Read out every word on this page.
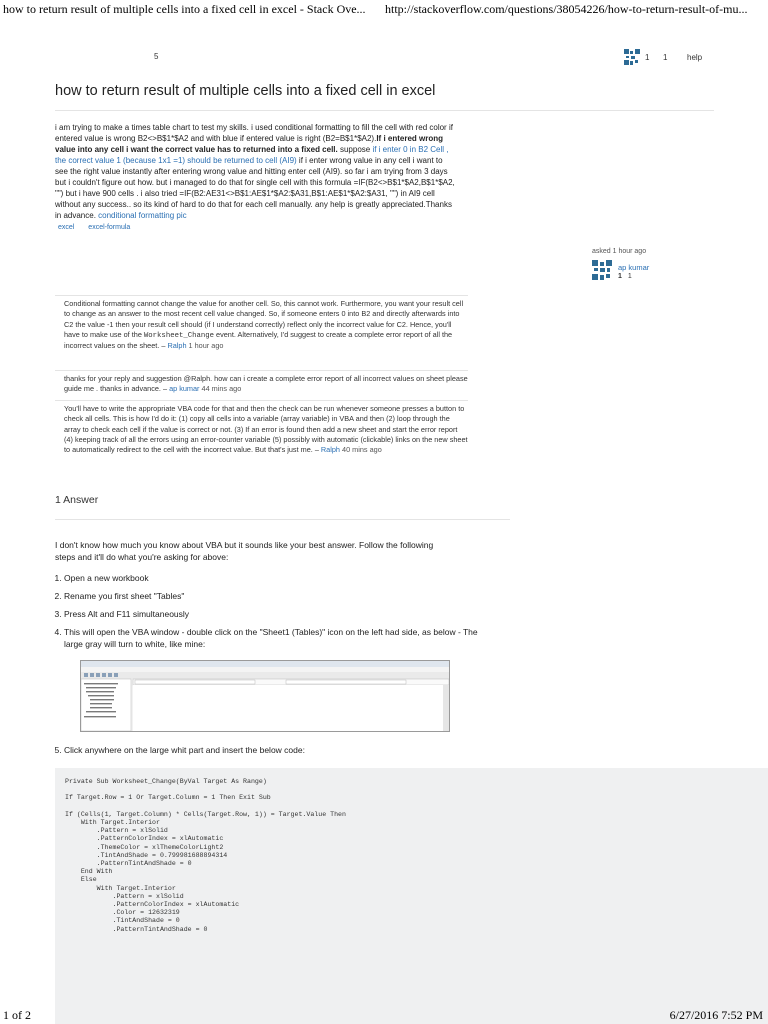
how to return result of multiple cells into a fixed cell in excel - Stack Ove... http://stackoverflow.com/questions/38054226/how-to-return-result-of-mu...
5	1 1 help
how to return result of multiple cells into a fixed cell in excel
i am trying to make a times table chart to test my skills. i used conditional formatting to fill the cell with red color if entered value is wrong B2<>B$1*$A2 and with blue if entered value is right (B2=B$1*$A2).If i entered wrong value into any cell i want the correct value has to returned into a fixed cell. suppose if i enter 0 in B2 Cell , the correct value 1 (because 1x1 =1) should be returned to cell (AI9) if i enter wrong value in any cell i want to see the right value instantly after entering wrong value and hitting enter cell (AI9). so far i am trying from 3 days but i couldn't figure out how. but i managed to do that for single cell with this formula =IF(B2<>B$1*$A2,B$1*$A2, "") but i have 900 cells . i also tried =IF(B2:AE31<>B$1:AE$1*$A2:$A31,B$1:AE$1*$A2:$A31, "") in AI9 cell without any success.. so its kind of hard to do that for each cell manually. any help is greatly appreciated.Thanks in advance. conditional formatting pic
excel excel-formula
asked 1 hour ago
ap kumar
1 1
Conditional formatting cannot change the value for another cell. So, this cannot work. Furthermore, you want your result cell to change as an answer to the most recent cell value changed. So, if someone enters 0 into B2 and directly afterwards into C2 the value -1 then your result cell should (if I understand correctly) reflect only the incorrect value for C2. Hence, you'll have to make use of the Worksheet_Change event. Alternatively, I'd suggest to create a complete error report of all the incorrect values on the sheet. – Ralph 1 hour ago
thanks for your reply and suggestion @Ralph. how can i create a complete error report of all incorrect values on sheet please guide me . thanks in advance. – ap kumar 44 mins ago
You'll have to write the appropriate VBA code for that and then the check can be run whenever someone presses a button to check all cells. This is how I'd do it: (1) copy all cells into a variable (array variable) in VBA and then (2) loop through the array to check each cell if the value is correct or not. (3) If an error is found then add a new sheet and start the error report (4) keeping track of all the errors using an error-counter variable (5) possibly with automatic (clickable) links on the new sheet to automatically redirect to the cell with the incorrect value. But that's just me. – Ralph 40 mins ago
1 Answer
I don't know how much you know about VBA but it sounds like your best answer. Follow the following steps and it'll do what you're asking for above:
1. Open a new workbook
2. Rename you first sheet "Tables"
3. Press Alt and F11 simultaneously
4. This will open the VBA window - double click on the "Sheet1 (Tables)" icon on the left had side, as below - The large gray will turn to white, like mine:
5. Click anywhere on the large whit part and insert the below code:
Private Sub Worksheet_Change(ByVal Target As Range)

If Target.Row = 1 Or Target.Column = 1 Then Exit Sub

If (Cells(1, Target.Column) * Cells(Target.Row, 1)) = Target.Value Then
With Target.Interior
.Pattern = xlSolid
.PatternColorIndex = xlAutomatic
.ThemeColor = xlThemeColorLight2
.TintAndShade = 0.799981688894314
.PatternTintAndShade = 0
End With
Else
With Target.Interior
.Pattern = xlSolid
.PatternColorIndex = xlAutomatic
.Color = 12632319
.TintAndShade = 0
.PatternTintAndShade = 0
1 of 2	6/27/2016 7:52 PM
